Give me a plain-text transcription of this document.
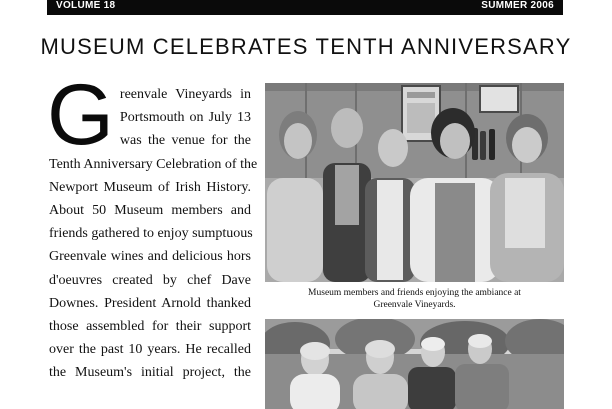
VOLUME 18	SUMMER 2006
MUSEUM CELEBRATES TENTH ANNIVERSARY
G reenvale Vineyards in
Portsmouth on July 13
was the venue for the
Tenth Anniversary Celebration of the
Newport Museum of Irish History.
About 50 Museum members and
friends gathered to enjoy sumptuous
Greenvale wines and delicious hors
d'oeuvres created by chef Dave
Downes. President Arnold thanked
those assembled for their support
over the past 10 years. He recalled
the Museum's initial project, the
Museum members and friends enjoying the ambiance at
Greenvale Vineyards.
